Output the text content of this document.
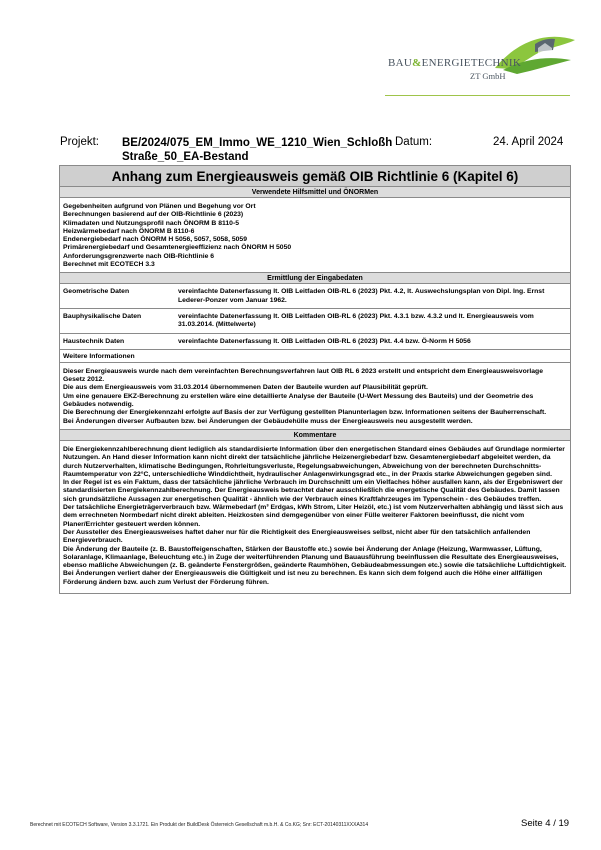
BAU&ENERGIETECHNIK
ZT GmbH
Projekt: BE/2024/075_EM_Immo_WE_1210_Wien_Schloßh Straße_50_EA-Bestand
Datum:	24. April 2024
Anhang zum Energieausweis gemäß OIB Richtlinie 6 (Kapitel 6)
Verwendete Hilfsmittel und ÖNORMen

Gegebenheiten aufgrund von Plänen und Begehung vor Ort

Berechnungen basierend auf der OIB-Richtlinie 6 (2023)

Klimadaten und Nutzungsprofil nach ÖNORM B 8110-5

Heizwärmebedarf nach ÖNORM B 8110-6

Endenergiebedarf nach ÖNORM H 5056, 5057, 5058, 5059

Primärenergiebedarf und Gesamtenergieeffizienz nach ÖNORM H 5050

Anforderungsgrenzwerte nach OIB-Richtlinie 6

Berechnet mit ECOTECH 3.3

Ermittlung der Eingabedaten
Geometrische Daten	vereinfachte Datenerfassung lt. OIB Leitfaden OIB-RL 6 (2023) Pkt. 4.2, lt. Auswechslungsplan von Dipl. Ing. Ernst Lederer-Ponzer vom Januar 1962.
Bauphysikalische Daten	vereinfachte Datenerfassung lt. OIB Leitfaden OIB-RL 6 (2023) Pkt. 4.3.1 bzw. 4.3.2 und lt. Energieausweis vom 31.03.2014. (Mittelwerte)
Haustechnik Daten	vereinfachte Datenerfassung lt. OIB Leitfaden OIB-RL 6 (2023) Pkt. 4.4 bzw. Ö-Norm H 5056
Weitere Informationen

Dieser Energieausweis wurde nach dem vereinfachten Berechnungsverfahren laut OIB RL 6 2023 erstellt und entspricht dem Energieausweisvorlage Gesetz 2012.

Die aus dem Energieausweis vom 31.03.2014 übernommenen Daten der Bauteile wurden auf Plausibilität geprüft.

Um eine genauere EKZ-Berechnung zu erstellen wäre eine detaillierte Analyse der Bauteile (U-Wert Messung des Bauteils) und der Geometrie des Gebäudes notwendig.

Die Berechnung der Energiekennzahl erfolgte auf Basis der zur Verfügung gestellten Planunterlagen bzw. Informationen seitens der Bauherrenschaft.

Bei Änderungen diverser Aufbauten bzw. bei Änderungen der Gebäudehülle muss der Energieausweis neu ausgestellt werden.

Kommentare

Die Energiekennzahlberechnung dient lediglich als standardisierte Information über den energetischen Standard eines Gebäudes auf Grundlage normierter Nutzungen. An Hand dieser Information kann nicht direkt der tatsächliche jährliche Heizenergiebedarf bzw. Gesamtenergiebedarf abgeleitet werden, da durch Nutzerverhalten, klimatische Bedingungen, Rohrleitungsverluste, Regelungsabweichungen, Abweichung von der berechneten Durchschnitts-Raumtemperatur von 22°C, unterschiedliche Winddichtheit, hydraulischer Anlagenwirkungsgrad etc., in der Praxis starke Abweichungen gegeben sind.

In der Regel ist es ein Faktum, dass der tatsächliche jährliche Verbrauch im Durchschnitt um ein Vielfaches höher ausfallen kann, als der Ergebniswert der standardisierten Energiekennzahlberechnung. Der Energieausweis betrachtet daher ausschließlich die energetische Qualität des Gebäudes. Damit lassen sich grundsätzliche Aussagen zur energetischen Qualität - ähnlich wie der Verbrauch eines Kraftfahrzeuges im Typenschein - des Gebäudes treffen.

Der tatsächliche Energieträgerverbrauch bzw. Wärmebedarf (m³ Erdgas, kWh Strom, Liter Heizöl, etc.) ist vom Nutzerverhalten abhängig und lässt sich aus dem errechneten Normbedarf nicht direkt ableiten. Heizkosten sind demgegenüber von einer Fülle weiterer Faktoren beeinflusst, die nicht vom Planer/Errichter gesteuert werden können.

Der Aussteller des Energieausweises haftet daher nur für die Richtigkeit des Energieausweises selbst, nicht aber für den tatsächlich anfallenden Energieverbrauch.

Die Änderung der Bauteile (z. B. Baustoffeigenschaften, Stärken der Baustoffe etc.) sowie bei Änderung der Anlage (Heizung, Warmwasser, Lüftung, Solaranlage, Klimaanlage, Beleuchtung etc.) in Zuge der weiterführenden Planung und Bauausführung beeinflussen die Resultate des Energieausweises, ebenso maßliche Abweichungen (z. B. geänderte Fenstergrößen, geänderte Raumhöhen, Gebäudeabmessungen etc.) sowie die tatsächliche Luftdichtigkeit.

Bei Änderungen verliert daher der Energieausweis die Gültigkeit und ist neu zu berechnen. Es kann sich dem folgend auch die Höhe einer allfälligen Förderung ändern bzw. auch zum Verlust der Förderung führen.

Berechnet mit ECOTECH Software, Version 3.3.1721. Ein Produkt der BuildDesk Österreich Gesellschaft m.b.H. & Co.KG; Snr: ECT-20140311XXXA314	Seite 4 / 19
